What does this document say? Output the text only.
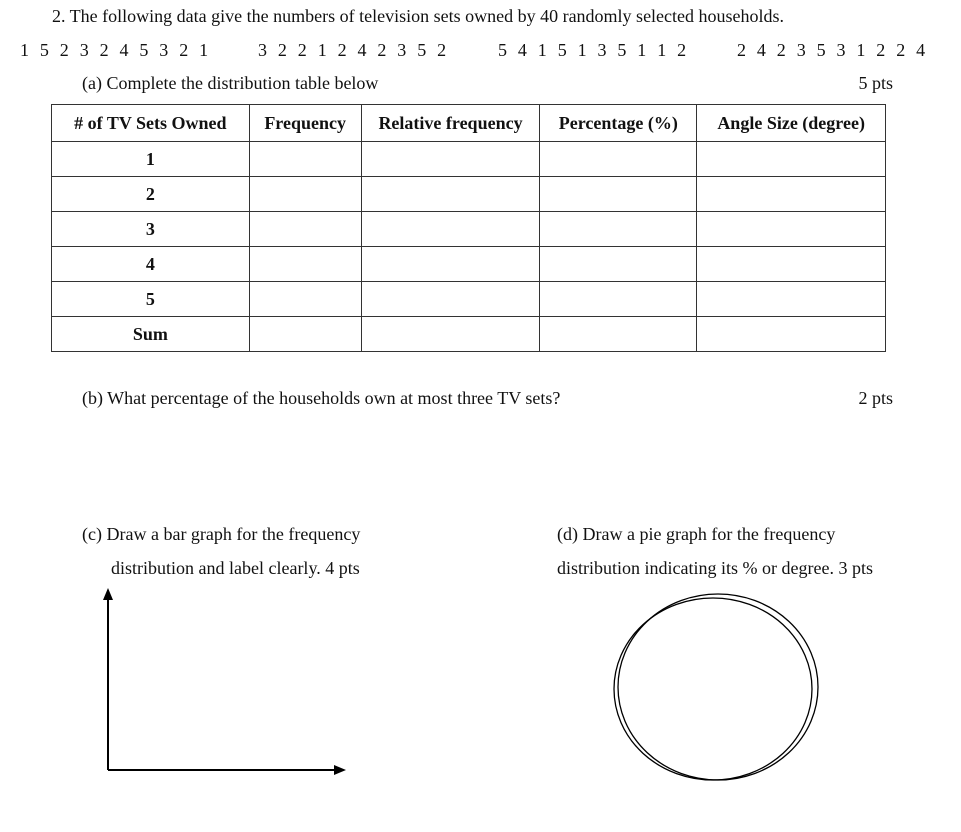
2. The following data give the numbers of television sets owned by 40 randomly selected households.
1 5 2 3 2 4 5 3 2 1	3 2 2 1 2 4 2 3 5 2	5 4 1 5 1 3 5 1 1 2	2 4 2 3 5 3 1 2 2 4
(a) Complete the distribution table below	5 pts
# of TV Sets Owned	Frequency	Relative frequency	Percentage (%)	Angle Size (degree)
1				
2				
3				
4				
5				
Sum				
(b) What percentage of the households own at most three TV sets?	2 pts
(c) Draw a bar graph for the frequency
distribution and label clearly. 4 pts
(d) Draw a pie graph for the frequency
distribution indicating its % or degree. 3 pts
